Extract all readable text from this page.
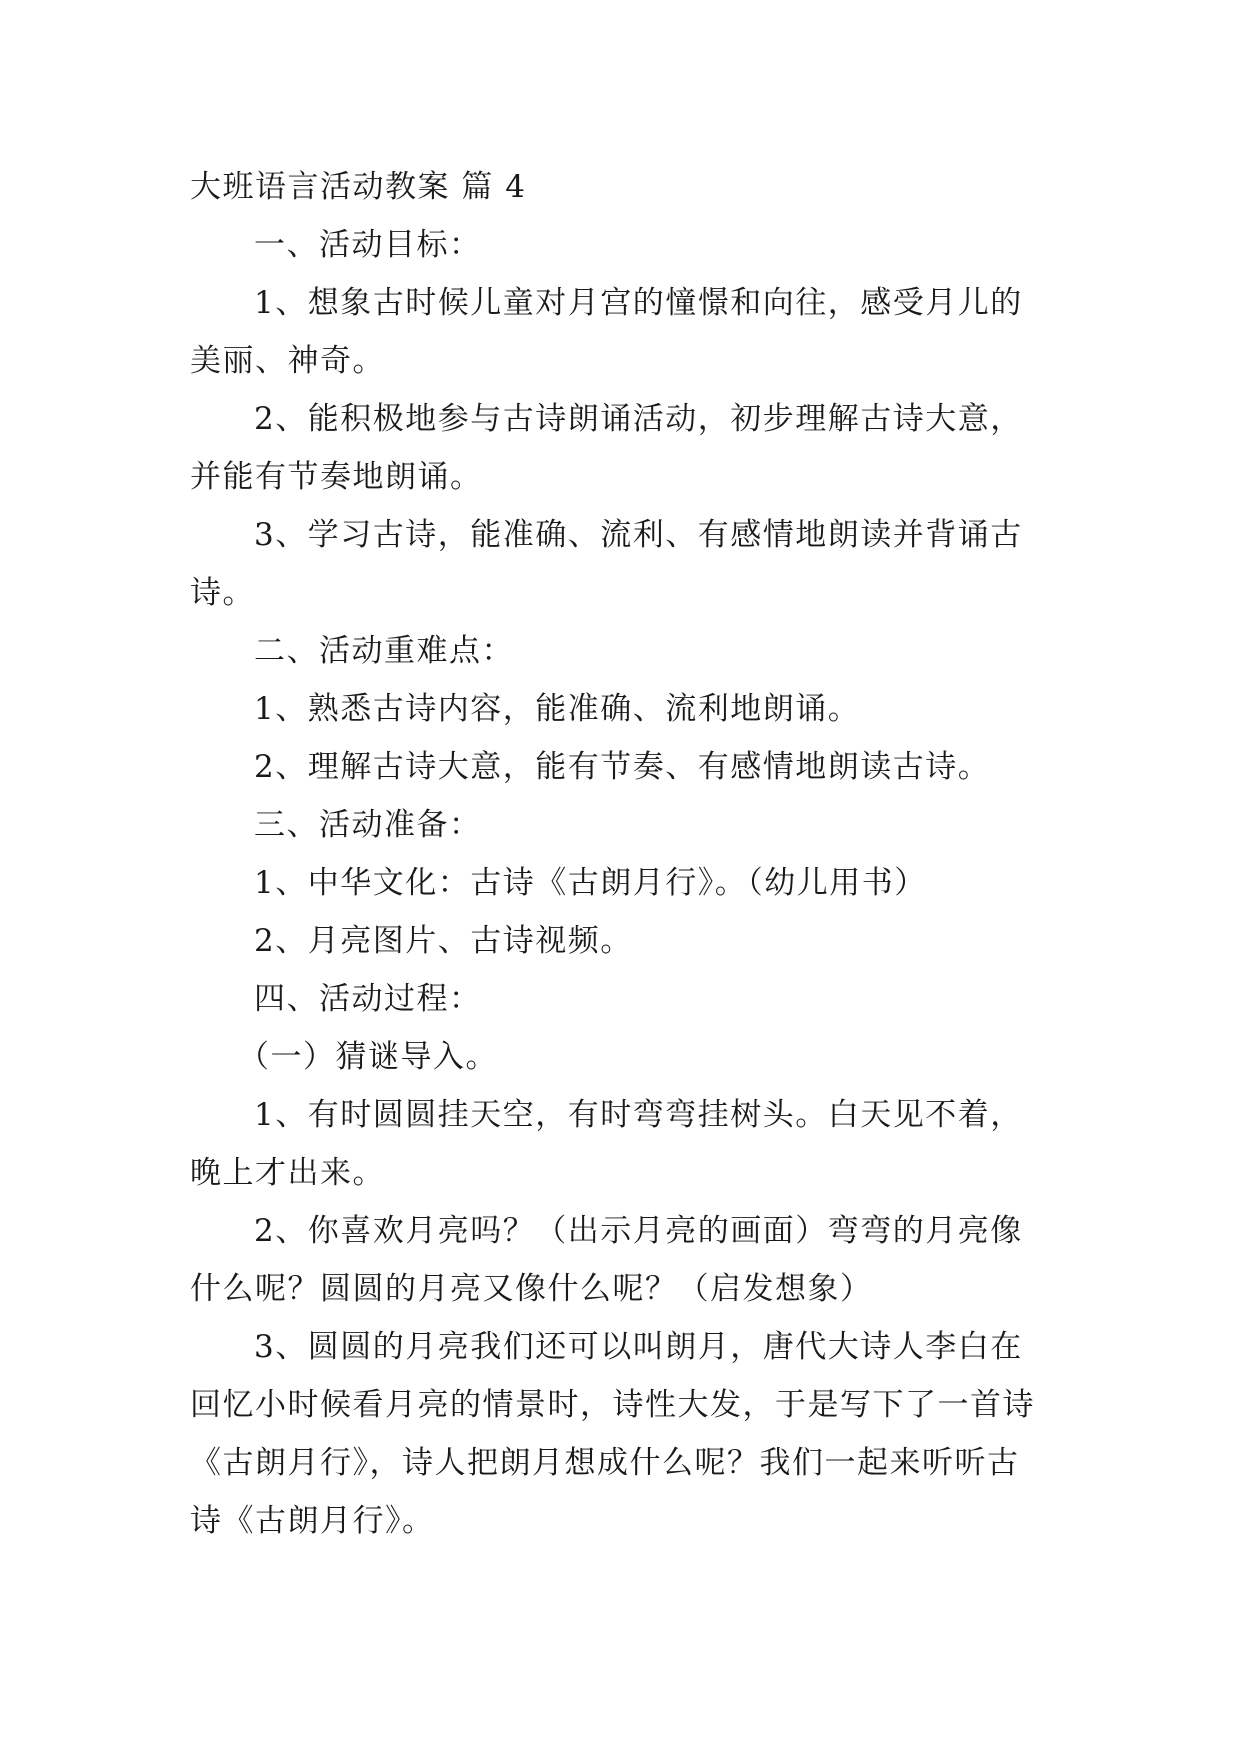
大班语言活动教案 篇 4
一、活动目标：
1、想象古时候儿童对月宫的憧憬和向往，感受月儿的
美丽、神奇。
2、能积极地参与古诗朗诵活动，初步理解古诗大意，
并能有节奏地朗诵。
3、学习古诗，能准确、流利、有感情地朗读并背诵古
诗。
二、活动重难点：
1、熟悉古诗内容，能准确、流利地朗诵。
2、理解古诗大意，能有节奏、有感情地朗读古诗。
三、活动准备：
1、中华文化：古诗《古朗月行》。（幼儿用书）
2、月亮图片、古诗视频。
四、活动过程：
（一）猜谜导入。
1、有时圆圆挂天空，有时弯弯挂树头。白天见不着，
晚上才出来。
2、你喜欢月亮吗？（出示月亮的画面）弯弯的月亮像
什么呢？圆圆的月亮又像什么呢？（启发想象）
3、圆圆的月亮我们还可以叫朗月，唐代大诗人李白在
回忆小时候看月亮的情景时，诗性大发，于是写下了一首诗
《古朗月行》，诗人把朗月想成什么呢？我们一起来听听古
诗《古朗月行》。
